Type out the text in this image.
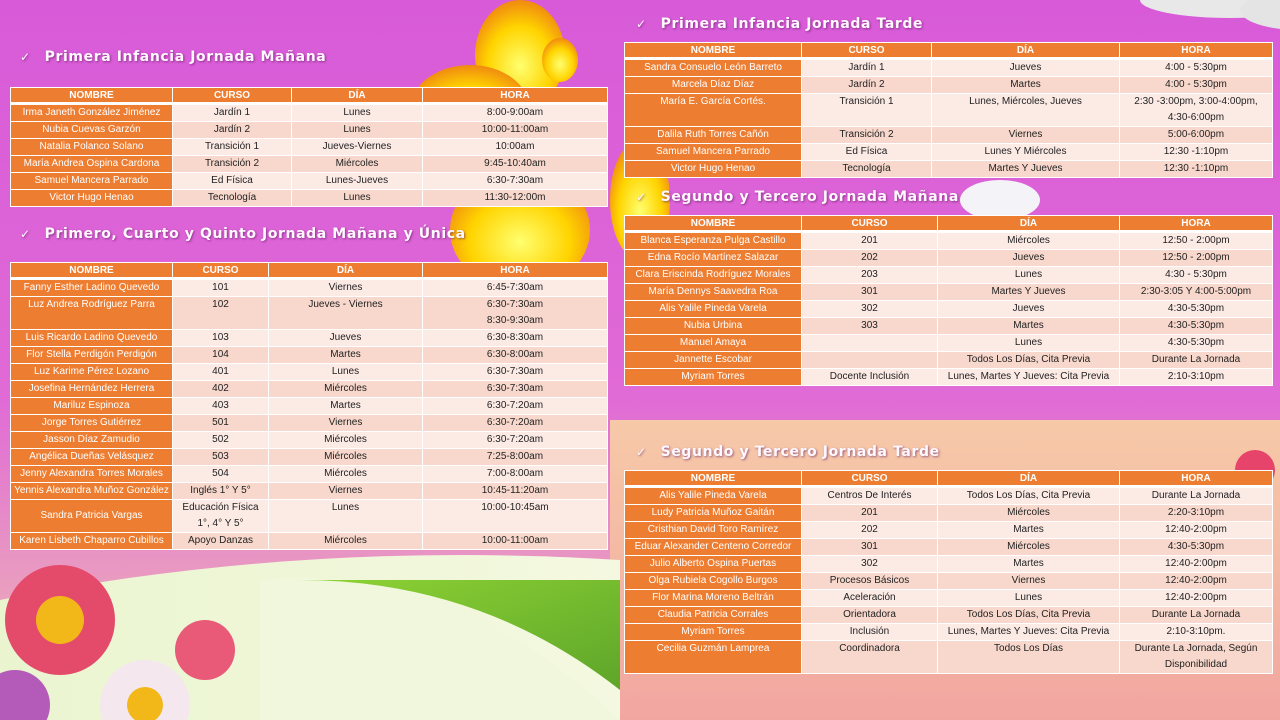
✓ Primera Infancia Jornada Mañana
NOMBRE	CURSO	DÍA	HORA
Irma Janeth González Jiménez	Jardín 1	Lunes	8:00-9:00am
Nubia Cuevas Garzón	Jardín 2	Lunes	10:00-11:00am
Natalia Polanco Solano	Transición 1	Jueves-Viernes	10:00am
María Andrea Ospina Cardona	Transición 2	Miércoles	9:45-10:40am
Samuel Mancera Parrado	Ed Física	Lunes-Jueves	6:30-7:30am
Victor Hugo Henao	Tecnología	Lunes	11:30-12:00m
✓ Primero, Cuarto y Quinto Jornada Mañana y Única
NOMBRE	CURSO	DÍA	HORA
Fanny Esther Ladino Quevedo	101	Viernes	6:45-7:30am
Luz Andrea Rodríguez Parra	102	Jueves - Viernes	6:30-7:30am 8:30-9:30am
Luis Ricardo Ladino Quevedo	103	Jueves	6:30-8:30am
Flor Stella Perdigón Perdigón	104	Martes	6:30-8:00am
Luz Karime Pérez Lozano	401	Lunes	6:30-7:30am
Josefina Hernández Herrera	402	Miércoles	6:30-7:30am
Mariluz Espinoza	403	Martes	6:30-7:20am
Jorge Torres Gutiérrez	501	Viernes	6:30-7:20am
Jasson Díaz Zamudio	502	Miércoles	6:30-7:20am
Angélica Dueñas Velásquez	503	Miércoles	7:25-8:00am
Jenny Alexandra Torres Morales	504	Miércoles	7:00-8:00am
Yennis Alexandra Muñoz González	Inglés 1° Y 5°	Viernes	10:45-11:20am
Sandra Patricia Vargas	Educación Física 1°, 4° Y 5°	Lunes	10:00-10:45am
Karen Lisbeth Chaparro Cubillos	Apoyo Danzas	Miércoles	10:00-11:00am
✓ Primera Infancia Jornada Tarde
NOMBRE	CURSO	DÍA	HORA
Sandra Consuelo León Barreto	Jardín 1	Jueves	4:00 - 5:30pm
Marcela Díaz Díaz	Jardín 2	Martes	4:00 - 5:30pm
María E. García Cortés.	Transición 1	Lunes, Miércoles, Jueves	2:30 -3:00pm, 3:00-4:00pm, 4:30-6:00pm
Dalila Ruth Torres Cañón	Transición 2	Viernes	5:00-6:00pm
Samuel Mancera Parrado	Ed Física	Lunes Y Miércoles	12:30 -1:10pm
Victor Hugo Henao	Tecnología	Martes Y Jueves	12:30 -1:10pm
✓ Segundo y Tercero Jornada Mañana
NOMBRE	CURSO	DÍA	HORA
Blanca Esperanza Pulga Castillo	201	Miércoles	12:50 - 2:00pm
Edna Rocío Martínez Salazar	202	Jueves	12:50 - 2:00pm
Clara Eriscinda Rodríguez Morales	203	Lunes	4:30 - 5:30pm
María Dennys Saavedra Roa	301	Martes Y Jueves	2:30-3:05 Y 4:00-5:00pm
Alis Yalile Pineda Varela	302	Jueves	4:30-5:30pm
Nubia Urbina	303	Martes	4:30-5:30pm
Manuel Amaya		Lunes	4:30-5:30pm
Jannette Escobar		Todos Los Días, Cita Previa	Durante La Jornada
Myriam Torres	Docente Inclusión	Lunes, Martes Y Jueves: Cita Previa	2:10-3:10pm
✓ Segundo y Tercero Jornada Tarde
NOMBRE	CURSO	DÍA	HORA
Alis Yalile Pineda Varela	Centros De Interés	Todos Los Días, Cita Previa	Durante La Jornada
Ludy Patricia Muñoz Gaitán	201	Miércoles	2:20-3:10pm
Cristhian David Toro Ramírez	202	Martes	12:40-2:00pm
Eduar Alexander Centeno Corredor	301	Miércoles	4:30-5:30pm
Julio Alberto Ospina Puertas	302	Martes	12:40-2:00pm
Olga Rubiela Cogollo Burgos	Procesos Básicos	Viernes	12:40-2:00pm
Flor Marina Moreno Beltrán	Aceleración	Lunes	12:40-2:00pm
Claudia Patricia Corrales	Orientadora	Todos Los Días, Cita Previa	Durante La Jornada
Myriam Torres	Inclusión	Lunes, Martes Y Jueves: Cita Previa	2:10-3:10pm.
Cecilia Guzmán Lamprea	Coordinadora	Todos Los Días	Durante La Jornada, Según Disponibilidad
